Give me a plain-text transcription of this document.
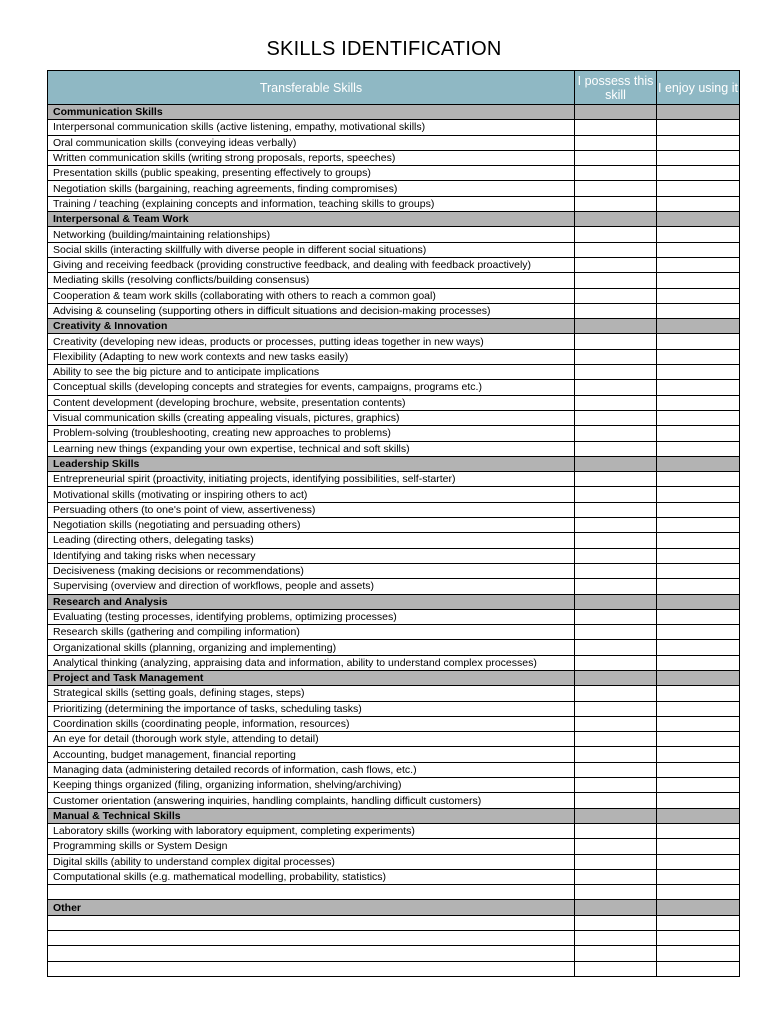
SKILLS IDENTIFICATION
Transferable Skills	I possess this skill	I enjoy using it
Communication Skills		
Interpersonal communication skills (active listening, empathy, motivational skills)		
Oral communication skills (conveying ideas verbally)		
Written communication skills (writing strong proposals, reports, speeches)		
Presentation skills (public speaking, presenting effectively to groups)		
Negotiation skills (bargaining, reaching agreements, finding compromises)		
Training / teaching (explaining concepts and information, teaching skills to groups)		
Interpersonal & Team Work		
Networking (building/maintaining relationships)		
Social skills (interacting skillfully with diverse people in different social situations)		
Giving and receiving feedback (providing constructive feedback, and dealing with feedback proactively)		
Mediating skills (resolving conflicts/building consensus)		
Cooperation & team work skills (collaborating with others to reach a common goal)		
Advising & counseling (supporting others in difficult situations and decision-making processes)		
Creativity & Innovation		
Creativity (developing new ideas, products or processes, putting ideas together in new ways)		
Flexibility (Adapting to new work contexts and new tasks easily)		
Ability to see the big picture and to anticipate implications		
Conceptual skills (developing concepts and strategies for events, campaigns, programs etc.)		
Content development (developing brochure, website, presentation contents)		
Visual communication skills (creating appealing visuals, pictures, graphics)		
Problem-solving (troubleshooting, creating new approaches to problems)		
Learning new things (expanding your own expertise, technical and soft skills)		
Leadership Skills		
Entrepreneurial spirit (proactivity, initiating projects, identifying possibilities, self-starter)		
Motivational skills (motivating or inspiring others to act)		
Persuading others (to one's point of view, assertiveness)		
Negotiation skills (negotiating and persuading others)		
Leading (directing others, delegating tasks)		
Identifying and taking risks when necessary		
Decisiveness (making decisions or recommendations)		
Supervising (overview and direction of workflows, people and assets)		
Research and Analysis		
Evaluating (testing processes, identifying problems, optimizing processes)		
Research skills (gathering and compiling information)		
Organizational skills (planning, organizing and implementing)		
Analytical thinking (analyzing, appraising data and information, ability to understand complex processes)		
Project and Task Management		
Strategical skills (setting goals, defining stages, steps)		
Prioritizing (determining the importance of tasks, scheduling tasks)		
Coordination skills (coordinating people, information, resources)		
An eye for detail (thorough work style, attending to detail)		
Accounting, budget management, financial reporting		
Managing data (administering detailed records of information, cash flows, etc.)		
Keeping things organized (filing, organizing information, shelving/archiving)		
Customer orientation (answering inquiries, handling complaints, handling difficult customers)		
Manual & Technical Skills		
Laboratory skills (working with laboratory equipment, completing experiments)		
Programming skills or System Design		
Digital skills (ability to understand complex digital processes)		
Computational skills (e.g. mathematical modelling, probability, statistics)		

Other		
